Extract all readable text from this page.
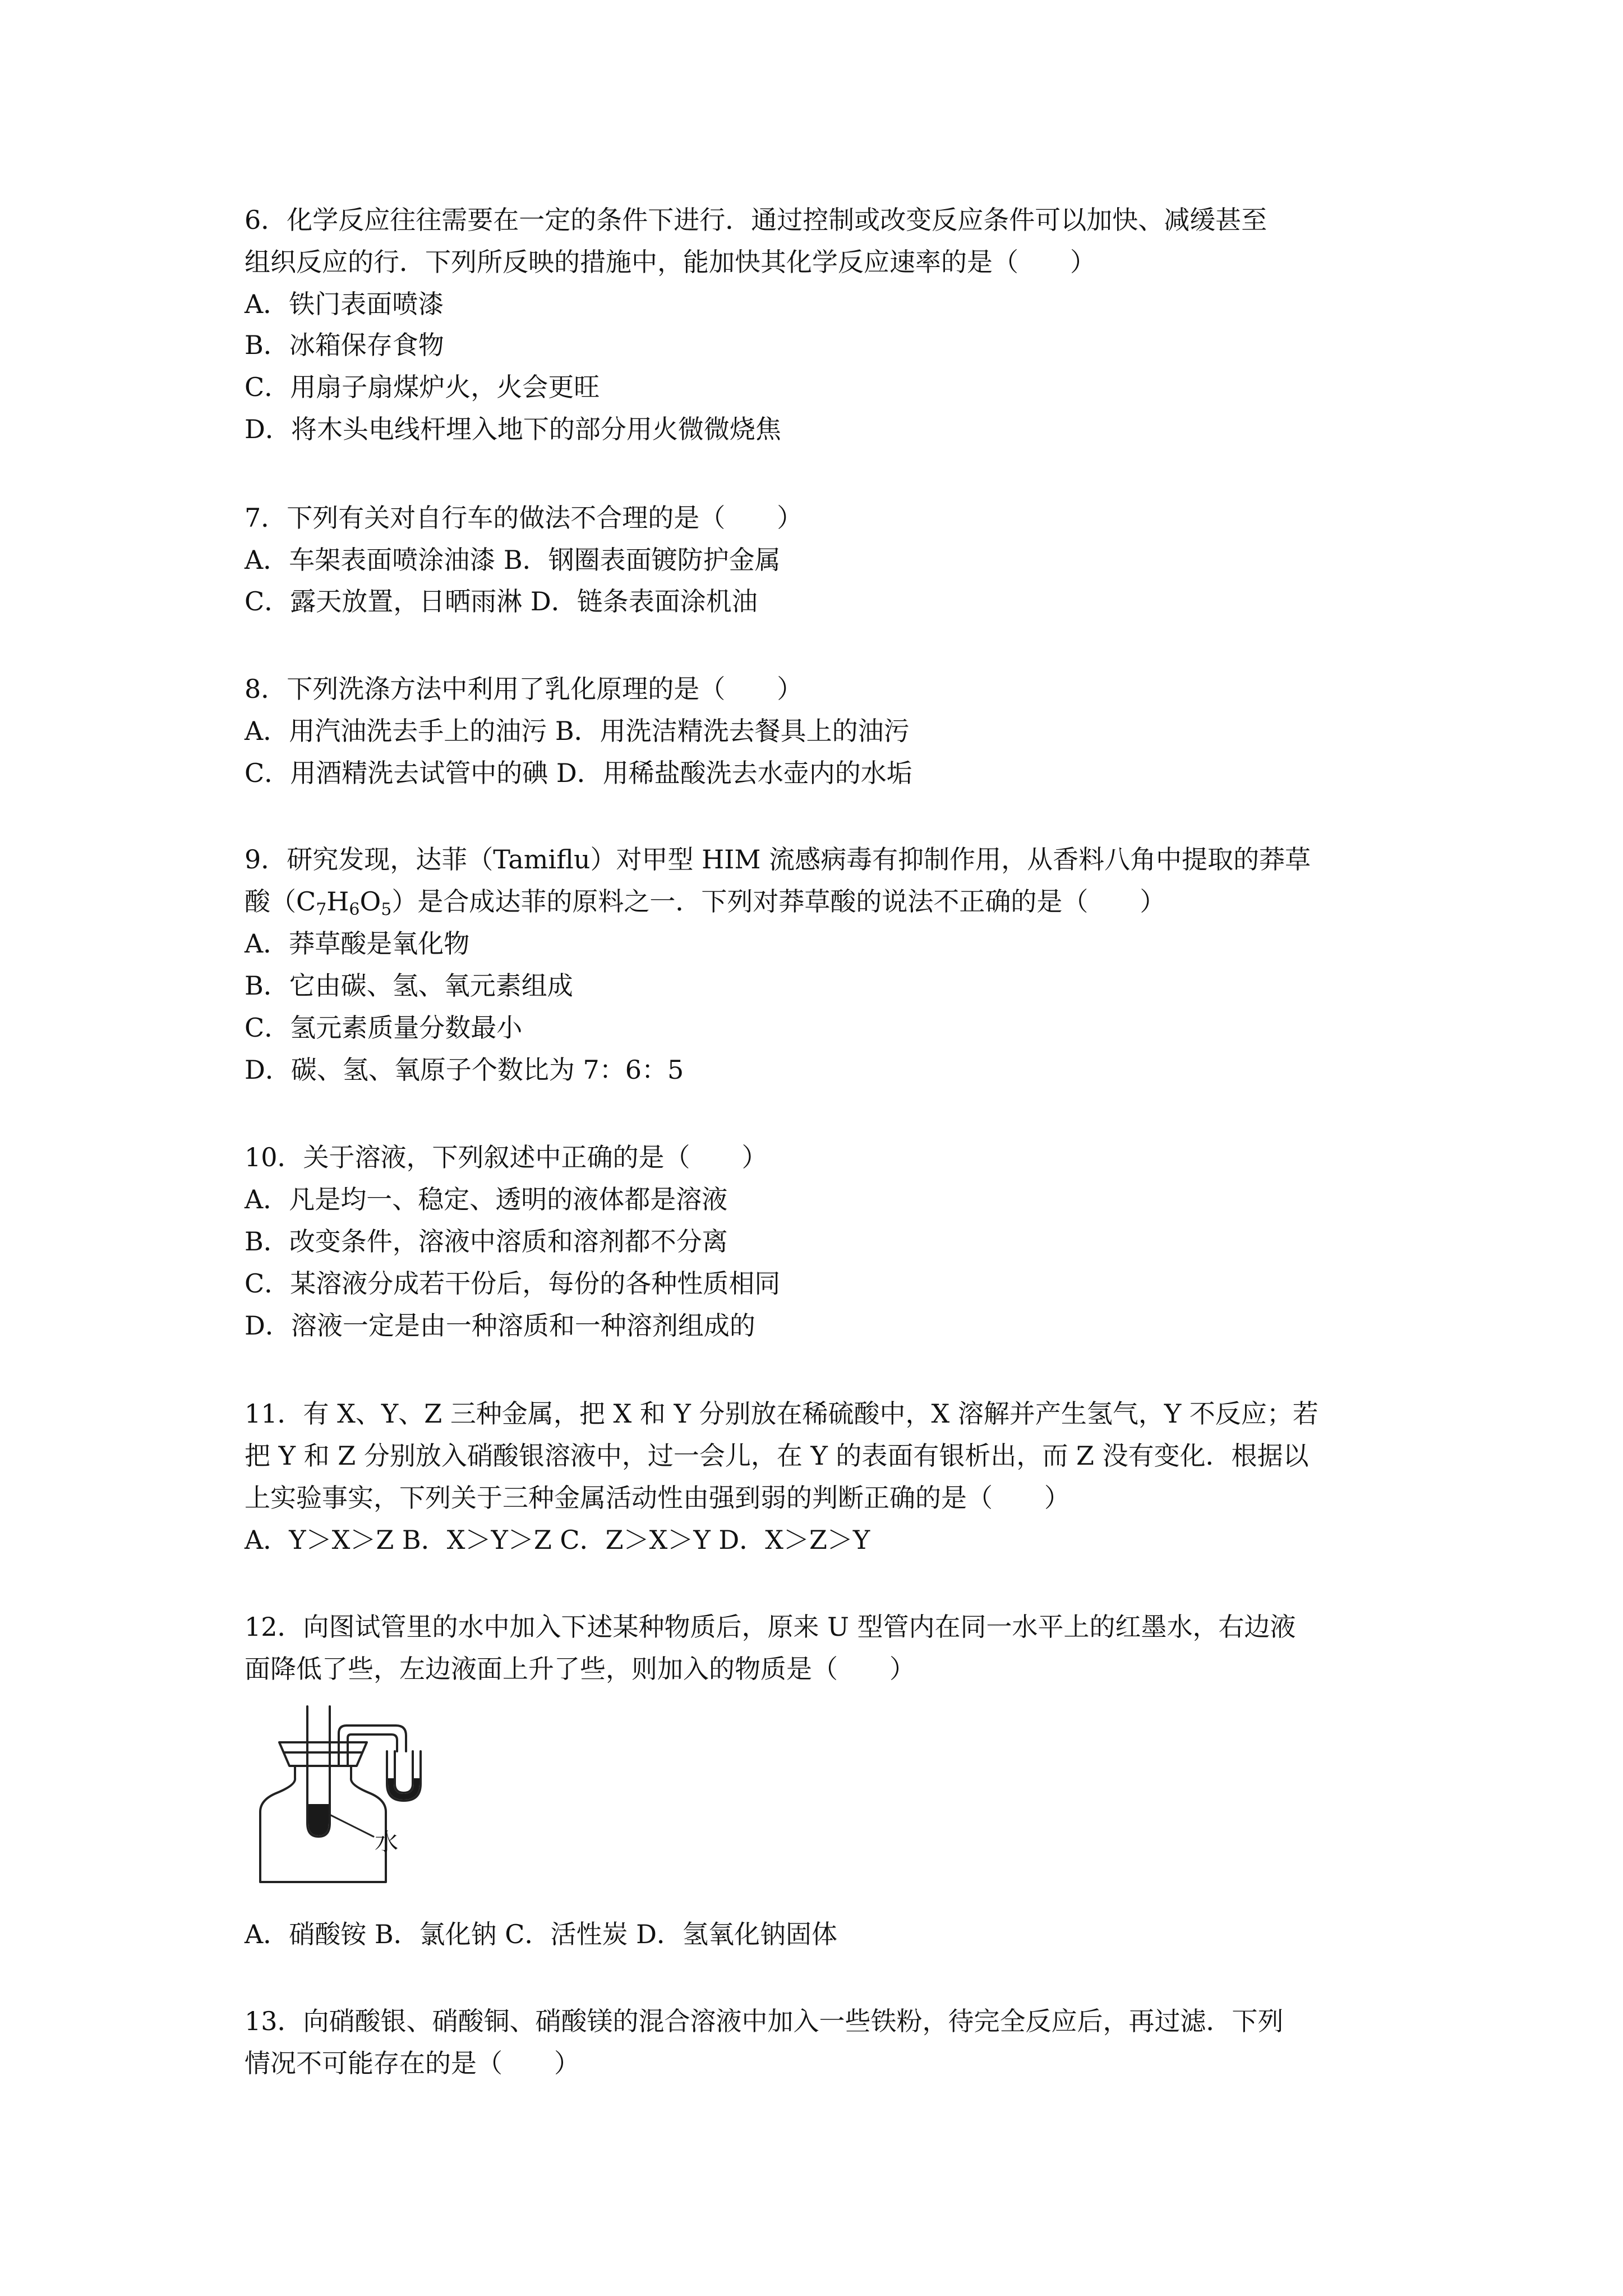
6．化学反应往往需要在一定的条件下进行．通过控制或改变反应条件可以加快、减缓甚至

组织反应的行．下列所反映的措施中，能加快其化学反应速率的是（　　）

A．铁门表面喷漆

B．冰箱保存食物

C．用扇子扇煤炉火，火会更旺

D．将木头电线杆埋入地下的部分用火微微烧焦

7．下列有关对自行车的做法不合理的是（　　）

A．车架表面喷涂油漆 B．钢圈表面镀防护金属

C．露天放置，日晒雨淋 D．链条表面涂机油

8．下列洗涤方法中利用了乳化原理的是（　　）

A．用汽油洗去手上的油污 B．用洗洁精洗去餐具上的油污

C．用酒精洗去试管中的碘 D．用稀盐酸洗去水壶内的水垢

9．研究发现，达菲（Tamiflu）对甲型 HIM 流感病毒有抑制作用，从香料八角中提取的莽草

酸$(C_7H_6O_5)$是合成达菲的原料之一．下列对莽草酸的说法不正确的是（　　）

A．莽草酸是氧化物

B．它由碳、氢、氧元素组成

C．氢元素质量分数最小

D．碳、氢、氧原子个数比为 7：6：5

10．关于溶液，下列叙述中正确的是（　　）

A．凡是均一、稳定、透明的液体都是溶液

B．改变条件，溶液中溶质和溶剂都不分离

C．某溶液分成若干份后，每份的各种性质相同

D．溶液一定是由一种溶质和一种溶剂组成的

11．有 X、Y、Z 三种金属，把 X 和 Y 分别放在稀硫酸中，X 溶解并产生氢气，Y 不反应；若

把 Y 和 Z 分别放入硝酸银溶液中，过一会儿，在 Y 的表面有银析出，而 Z 没有变化．根据以

上实验事实，下列关于三种金属活动性由强到弱的判断正确的是（　　）

A．Y＞X＞Z B．X＞Y＞Z C．Z＞X＞Y D．X＞Z＞Y

12．向图试管里的水中加入下述某种物质后，原来 U 型管内在同一水平上的红墨水，右边液

面降低了些，左边液面上升了些，则加入的物质是（　　）

水

A．硝酸铵 B．氯化钠 C．活性炭 D．氢氧化钠固体

13．向硝酸银、硝酸铜、硝酸镁的混合溶液中加入一些铁粉，待完全反应后，再过滤．下列

情况不可能存在的是（　　）
